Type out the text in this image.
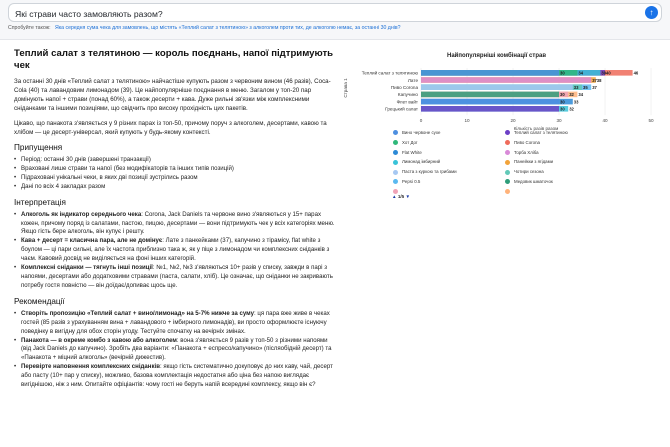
Які страви часто замовляють разом?
↑
Спробуйте також: Яка середня сума чека для замовлень, що містять «Теплий салат з телятиною» з алкоголем проти тих, де алкоголю немає, за останні 30 днів?
Теплий салат з телятиною — король поєднань, напої підтримують чек

За останні 30 днів «Теплий салат з телятиною» найчастіше купують разом з червоним вином (46 разів), Coca-Cola (40) та лавандовим лимонадом (39). Це найпопулярніше поєднання в меню. Загалом у топ-20 пар домінують напої + страви (понад 60%), а також десерти + кава. Дуже рильні зв'язки між комплексними сніданками та іншими позиціями, що свідчить про високу прохідність цих пакетів.

Цікаво, що панакота з'являється у 9 різних парах із топ-50, причому поруч з алкоголем, десертами, кавою та хлібом — це десерт-універсал, який купують у будь-якому контексті.

Припущення
• Період: останні 30 днів (завершені транзакції)
• Враховані лише страви та напої (без модифікаторів та інших типів позицій)
• Підраховані унікальні чеки, в яких дві позиції зустрілись разом
• Дані по всіх 4 закладах разом
Інтерпретація
• Алкоголь як індикатор середнього чека: Corona, Jack Daniels та червоне вино з'являються у 15+ парах кожен, причому поряд із салатами, пастою, пицою, десертами — вони підтримують чек у всіх категоріях меню. Якщо гість бере алкоголь, він купує і решту.
• Кава + десерт = класична пара, але не домінує: Лате з панкейками (37), капучино з тірамісу, flat white з боулом — ці пари сильні, але їх частота приблизно така ж, як у піце з лимонадом чи комплексних сніданків з чаєм. Кавовий досвід не виділяється на фоні інших категорій.
• Комплексні сніданки — тягнуть інші позиції: №1, №2, №3 з'являються 10+ разів у списку, завжди в парі з напоями, десертами або додатковими стравами (паста, салати, хліб). Це означає, що сніданки не закривають потребу гостя повністю — він доїдає/допиває щось ще.
Рекомендації
• Створіть пропозицію «Теплий салат + вино/лимонад» на 5-7% нижче за суму: ця пара вже живе в чеках гостей (85 разів з урахуванням вина + лавандового + імбирного лимонадів), ви просто оформлюєте існуючу поведінку в вигідну для обох сторін угоду. Тестуйте спочатку на вечірніх змінах.
• Панакота — в окреме комбо з кавою або алкоголем: вона з'являється 9 разів у топ-50 з різними напоями (від Jack Daniels до капучино). Зробіть два варіанти: «Панакота + еспресо/капучино» (післяобідній десерт) та «Панакота + міцний алкоголь» (вечірній дижестив).
• Перевірте наповнення комплексних сніданків: якщо гість систематично докуповує до них каву, чай, десерт або пасту (10+ пар у списку), можливо, базова комплектація недостатня або ціна без напою виглядає вигіднішою, ніж з ним. Опитайте офіціантів: чому гості не беруть напій всередині комплексу, якщо він є?
Найпопулярніші комбінації страв
0	10	20	30	40	50
Теплий салат з телятиною	30	34	39 40	46
Лате	37 38
Пиво Corona	33 35 37
Капучино	30 32 34
Флет вайт	30 33
Грецький салат	30 32
Кількість разів разом
Страва 1
Вино червоне сухе	Теплий салат з телятиною
Хот Дог	Пиво Corona
Flat White	Торба Хліба
Лимонад імбирний	Панейкки з ягідами
Паста з куркою та грибами	Чотири сезона
Pepsi 0.5	Медовик шматочок
▲ 1/5 ▼
